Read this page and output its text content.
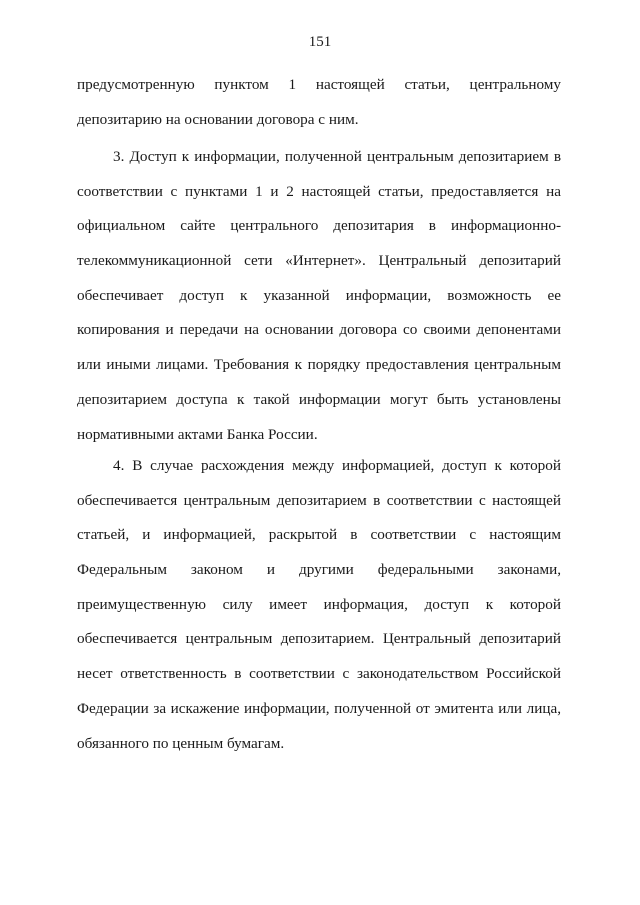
151
предусмотренную пунктом 1 настоящей статьи, центральному
депозитарию на основании договора с ним.
3. Доступ к информации, полученной центральным депозитарием в
соответствии с пунктами 1 и 2 настоящей статьи, предоставляется на
официальном сайте центрального депозитария в информационно-
телекоммуникационной сети «Интернет». Центральный депозитарий
обеспечивает доступ к указанной информации, возможность ее
копирования и передачи на основании договора со своими депонентами
или иными лицами. Требования к порядку предоставления центральным
депозитарием доступа к такой информации могут быть установлены
нормативными актами Банка России.
4. В случае расхождения между информацией, доступ к которой
обеспечивается центральным депозитарием в соответствии с настоящей
статьей, и информацией, раскрытой в соответствии с настоящим
Федеральным законом и другими федеральными законами,
преимущественную силу имеет информация, доступ к которой
обеспечивается центральным депозитарием. Центральный депозитарий
несет ответственность в соответствии с законодательством Российской
Федерации за искажение информации, полученной от эмитента или лица,
обязанного по ценным бумагам.
